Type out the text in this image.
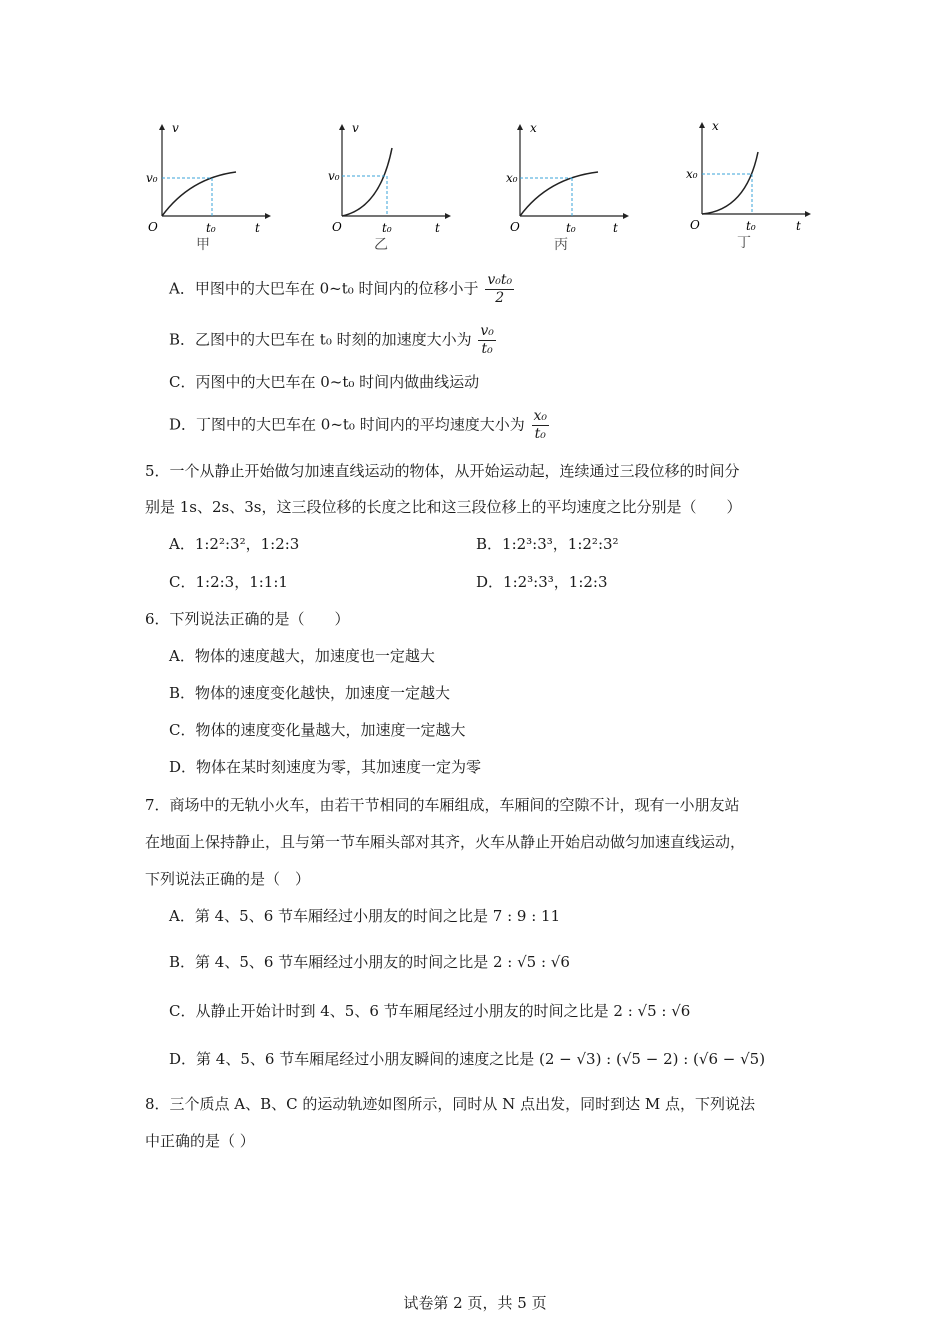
v
v₀
O	t₀	t
甲
v
v₀
O	t₀	t
乙
x
x₀
O	t₀	t
丙
x
x₀
O	t₀	t
丁
A．甲图中的大巴车在 0~t₀ 时间内的位移小于 $\frac{\text{v₀t₀}}{2}$
B．乙图中的大巴车在 t₀ 时刻的加速度大小为 $\frac{\text{v₀}}{\text{t₀}}$
C．丙图中的大巴车在 0~t₀ 时间内做曲线运动
D．丁图中的大巴车在 0~t₀ 时间内的平均速度大小为 $\frac{\text{x₀}}{\text{t₀}}$
5．一个从静止开始做匀加速直线运动的物体，从开始运动起，连续通过三段位移的时间分
别是 1s、2s、3s，这三段位移的长度之比和这三段位移上的平均速度之比分别是（　　）
A．1:2²:3²，1:2:3	B．1:2³:3³，1:2²:3²
C．1:2:3，1:1:1	D．1:2³:3³，1:2:3
6．下列说法正确的是（　　）
A．物体的速度越大，加速度也一定越大
B．物体的速度变化越快，加速度一定越大
C．物体的速度变化量越大，加速度一定越大
D．物体在某时刻速度为零，其加速度一定为零
7．商场中的无轨小火车，由若干节相同的车厢组成，车厢间的空隙不计，现有一小朋友站
在地面上保持静止，且与第一节车厢头部对其齐，火车从静止开始启动做匀加速直线运动，
下列说法正确的是（　）
A．第 4、5、6 节车厢经过小朋友的时间之比是 7 : 9 : 11
B．第 4、5、6 节车厢经过小朋友的时间之比是 2 : √5 : √6
C．从静止开始计时到 4、5、6 节车厢尾经过小朋友的时间之比是 2 : √5 : √6
D．第 4、5、6 节车厢尾经过小朋友瞬间的速度之比是 (2 − √3) : (√5 − 2) : (√6 − √5)
8．三个质点 A、B、C 的运动轨迹如图所示，同时从 N 点出发，同时到达 M 点，下列说法
中正确的是（ ）
试卷第 2 页，共 5 页
